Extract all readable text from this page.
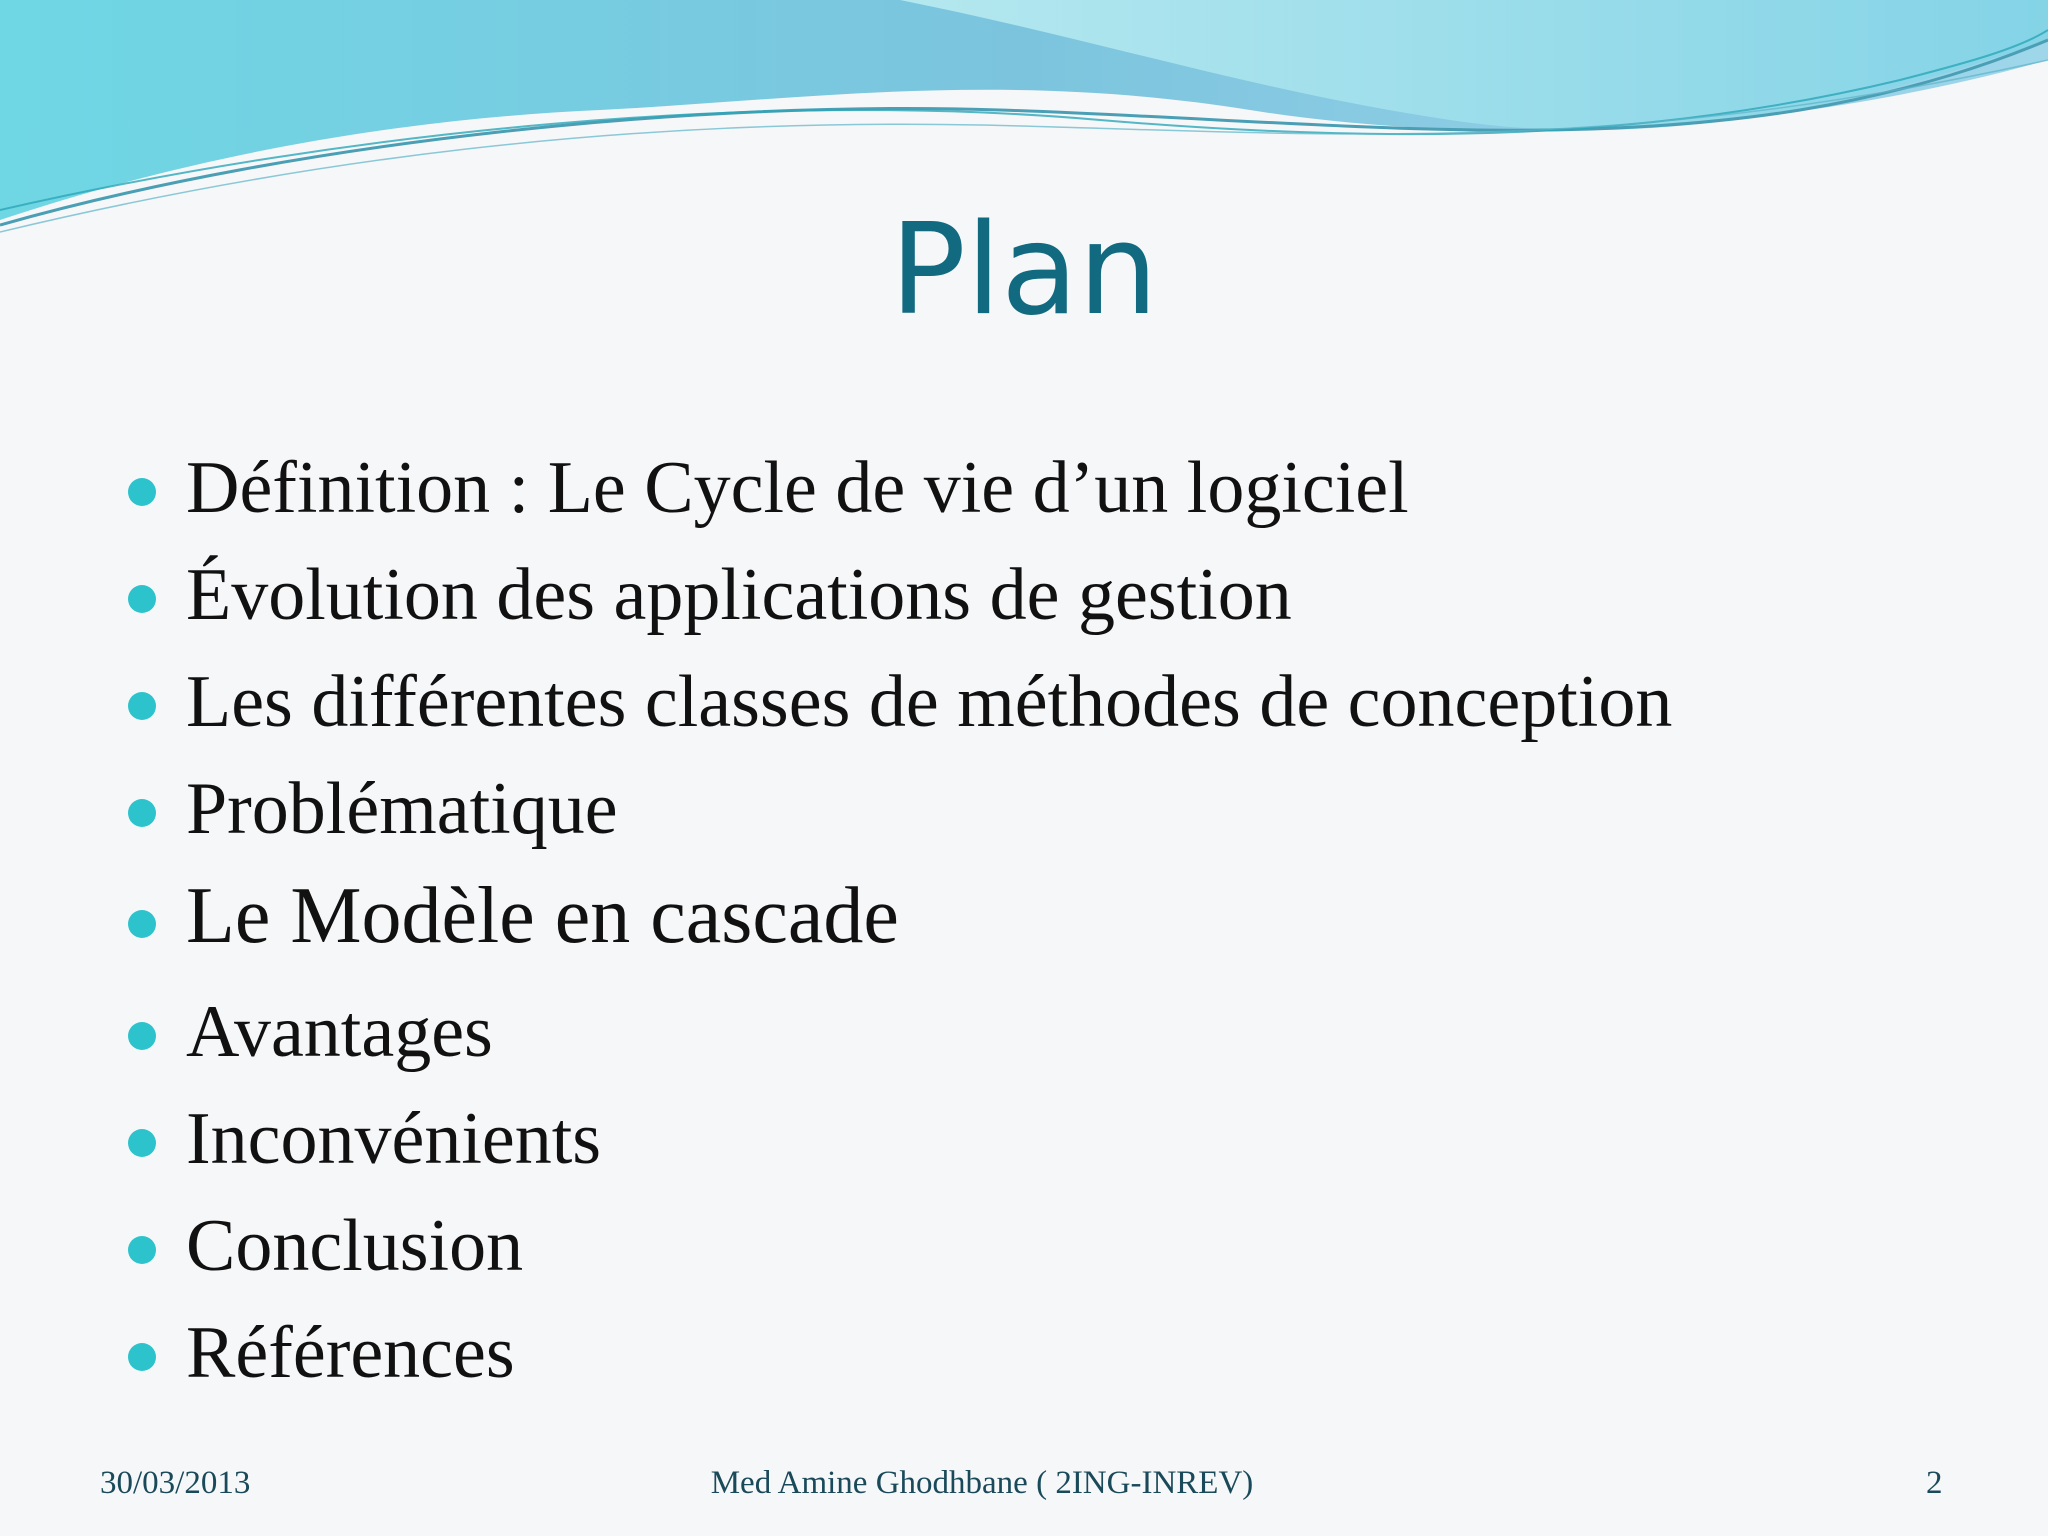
Plan
Définition : Le Cycle de vie d’un logiciel
Évolution des applications de gestion
Les différentes classes de méthodes de conception
Problématique
Le Modèle en cascade
Avantages
Inconvénients
Conclusion
Références
30/03/2013	Med Amine Ghodhbane ( 2ING-INREV)	2
